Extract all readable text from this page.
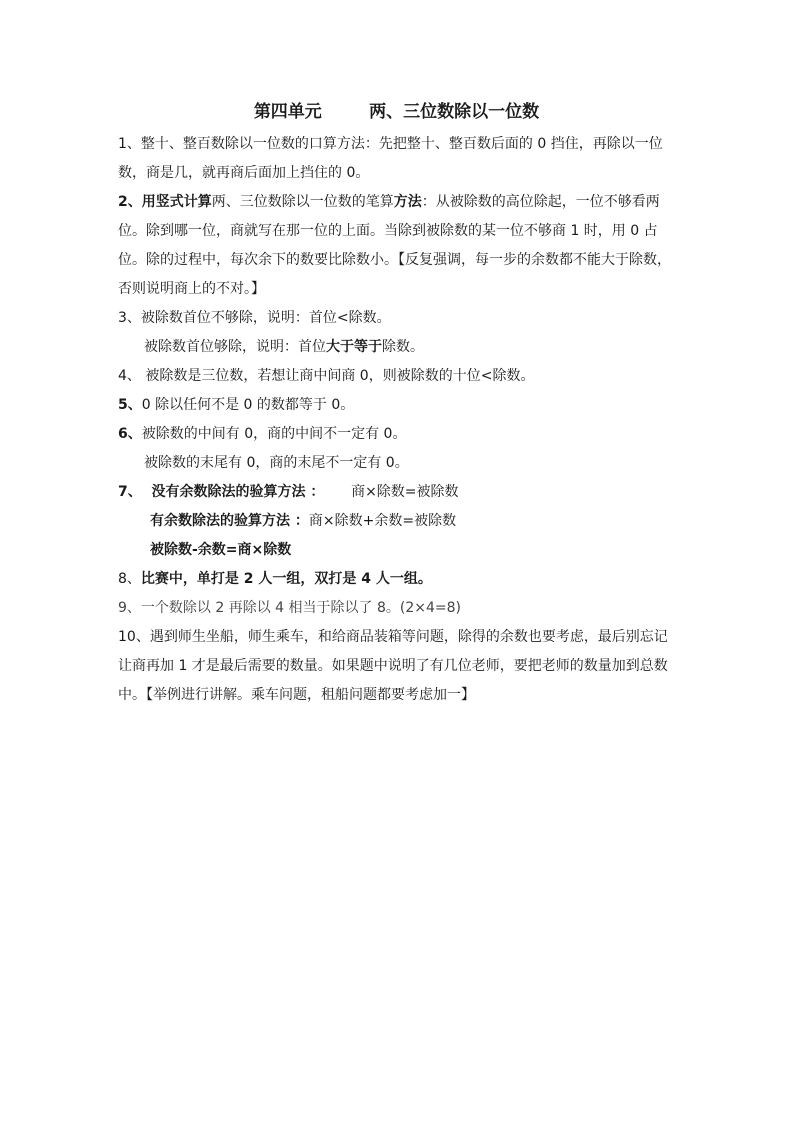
第四单元        两、三位数除以一位数

1、整十、整百数除以一位数的口算方法：先把整十、整百数后面的 0 挡住，再除以一位数，商是几，就再商后面加上挡住的 0。

2、用竖式计算两、三位数除以一位数的笔算方法：从被除数的高位除起，一位不够看两位。除到哪一位，商就写在那一位的上面。当除到被除数的某一位不够商 1 时，用 0 占位。除的过程中，每次余下的数要比除数小。【反复强调，每一步的余数都不能大于除数，否则说明商上的不对。】

3、被除数首位不够除，说明：首位<除数。

被除数首位够除，说明：首位大于等于除数。

4、 被除数是三位数，若想让商中间商 0，则被除数的十位<除数。

5、0 除以任何不是 0 的数都等于 0。

6、被除数的中间有 0，商的中间不一定有 0。

被除数的末尾有 0，商的末尾不一定有 0。

7、  没有余数除法的验算方法 ：      商×除数=被除数

有余数除法的验算方法 ：商×除数+余数=被除数

被除数-余数=商×除数

8、比赛中，单打是 2 人一组，双打是 4 人一组。

9、一个数除以 2 再除以 4 相当于除以了 8。(2×4=8)

10、遇到师生坐船，师生乘车，和给商品装箱等问题，除得的余数也要考虑，最后别忘记让商再加 1 才是最后需要的数量。如果题中说明了有几位老师，要把老师的数量加到总数中。【举例进行讲解。乘车问题，租船问题都要考虑加一】
